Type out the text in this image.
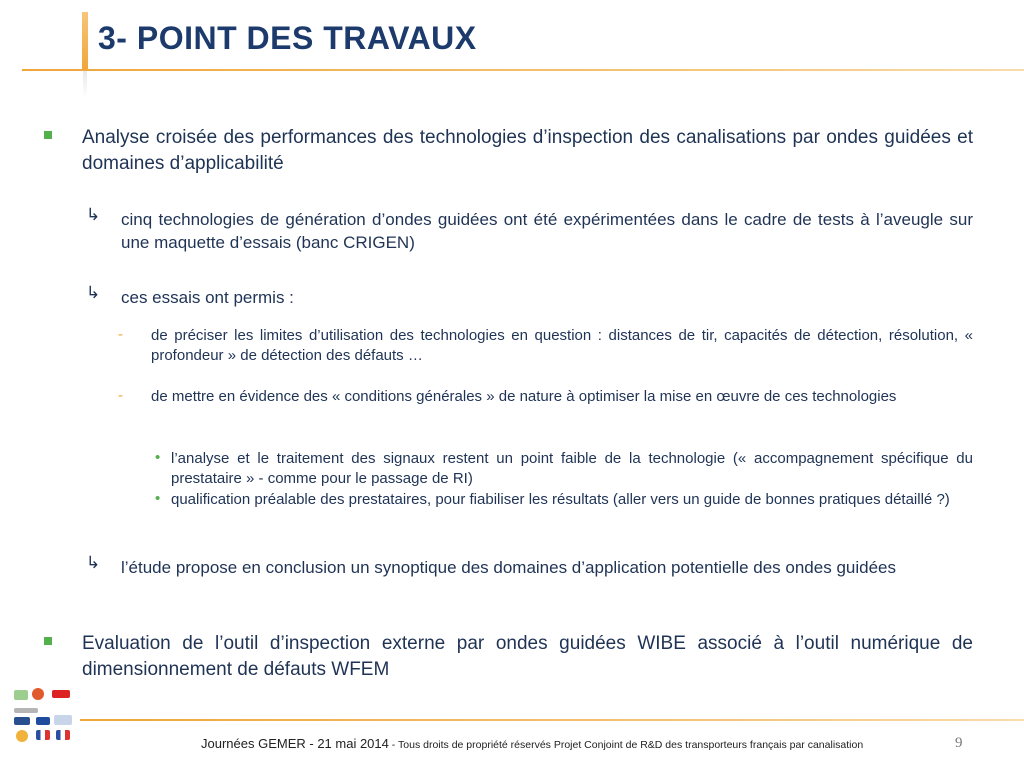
3- POINT DES TRAVAUX
Analyse croisée des performances des technologies d’inspection des canalisations par ondes guidées et domaines d’applicabilité
↳ cinq technologies de génération d’ondes guidées ont été expérimentées dans le cadre de tests à l’aveugle sur une maquette d’essais (banc CRIGEN)
↳ ces essais ont permis :
- de préciser les limites d’utilisation des technologies en question : distances de tir, capacités de détection, résolution, « profondeur » de détection des défauts …
- de mettre en évidence des « conditions générales » de nature à optimiser la mise en œuvre de ces technologies
• l’analyse et le traitement des signaux restent un point faible de la technologie (« accompagnement spécifique du prestataire » - comme pour le passage de RI)
• qualification préalable des prestataires, pour fiabiliser les résultats (aller vers un guide de bonnes pratiques détaillé ?)
↳ l’étude propose en conclusion un synoptique des domaines d’application potentielle des ondes guidées
Evaluation de l’outil d’inspection externe par ondes guidées WIBE associé à l’outil numérique de dimensionnement de défauts WFEM
Journées GEMER - 21 mai 2014 - Tous droits de propriété réservés Projet Conjoint de R&D des transporteurs français par canalisation	9
